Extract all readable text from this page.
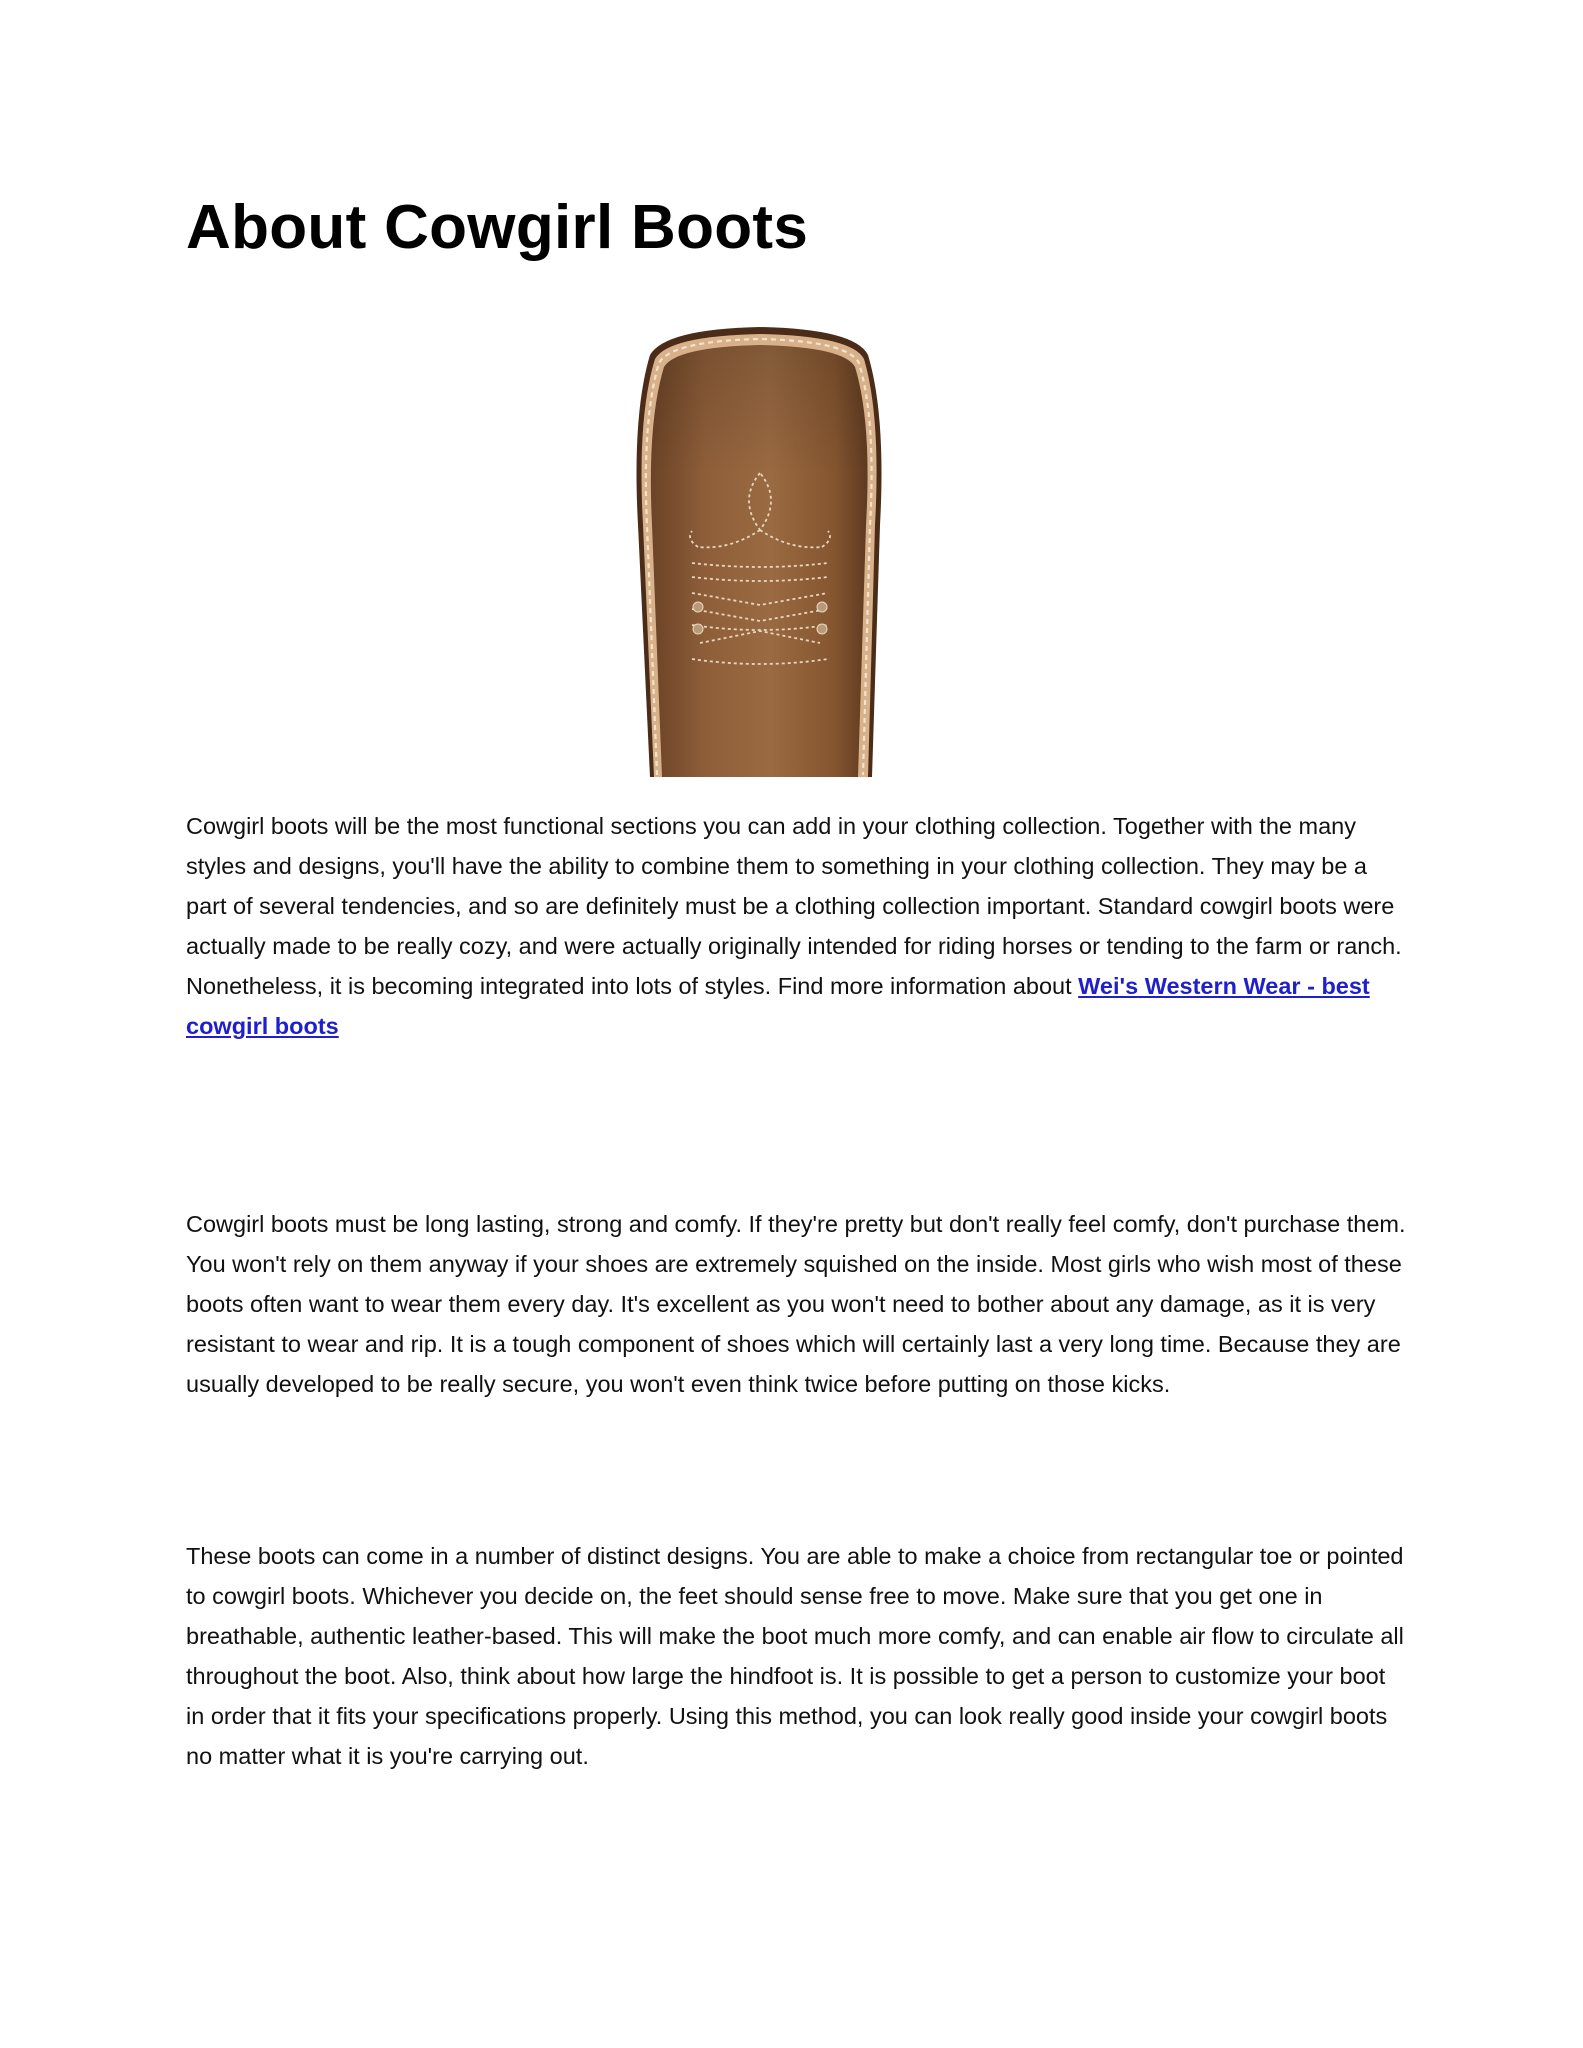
About Cowgirl Boots

Cowgirl boots will be the most functional sections you can add in your clothing collection. Together with the many styles and designs, you'll have the ability to combine them to something in your clothing collection. They may be a part of several tendencies, and so are definitely must be a clothing collection important. Standard cowgirl boots were actually made to be really cozy, and were actually originally intended for riding horses or tending to the farm or ranch. Nonetheless, it is becoming integrated into lots of styles. Find more information about Wei's Western Wear - best cowgirl boots

Cowgirl boots must be long lasting, strong and comfy. If they're pretty but don't really feel comfy, don't purchase them. You won't rely on them anyway if your shoes are extremely squished on the inside. Most girls who wish most of these boots often want to wear them every day. It's excellent as you won't need to bother about any damage, as it is very resistant to wear and rip. It is a tough component of shoes which will certainly last a very long time. Because they are usually developed to be really secure, you won't even think twice before putting on those kicks.

These boots can come in a number of distinct designs. You are able to make a choice from rectangular toe or pointed to cowgirl boots. Whichever you decide on, the feet should sense free to move. Make sure that you get one in breathable, authentic leather-based. This will make the boot much more comfy, and can enable air flow to circulate all throughout the boot. Also, think about how large the hindfoot is. It is possible to get a person to customize your boot in order that it fits your specifications properly. Using this method, you can look really good inside your cowgirl boots no matter what it is you're carrying out.
